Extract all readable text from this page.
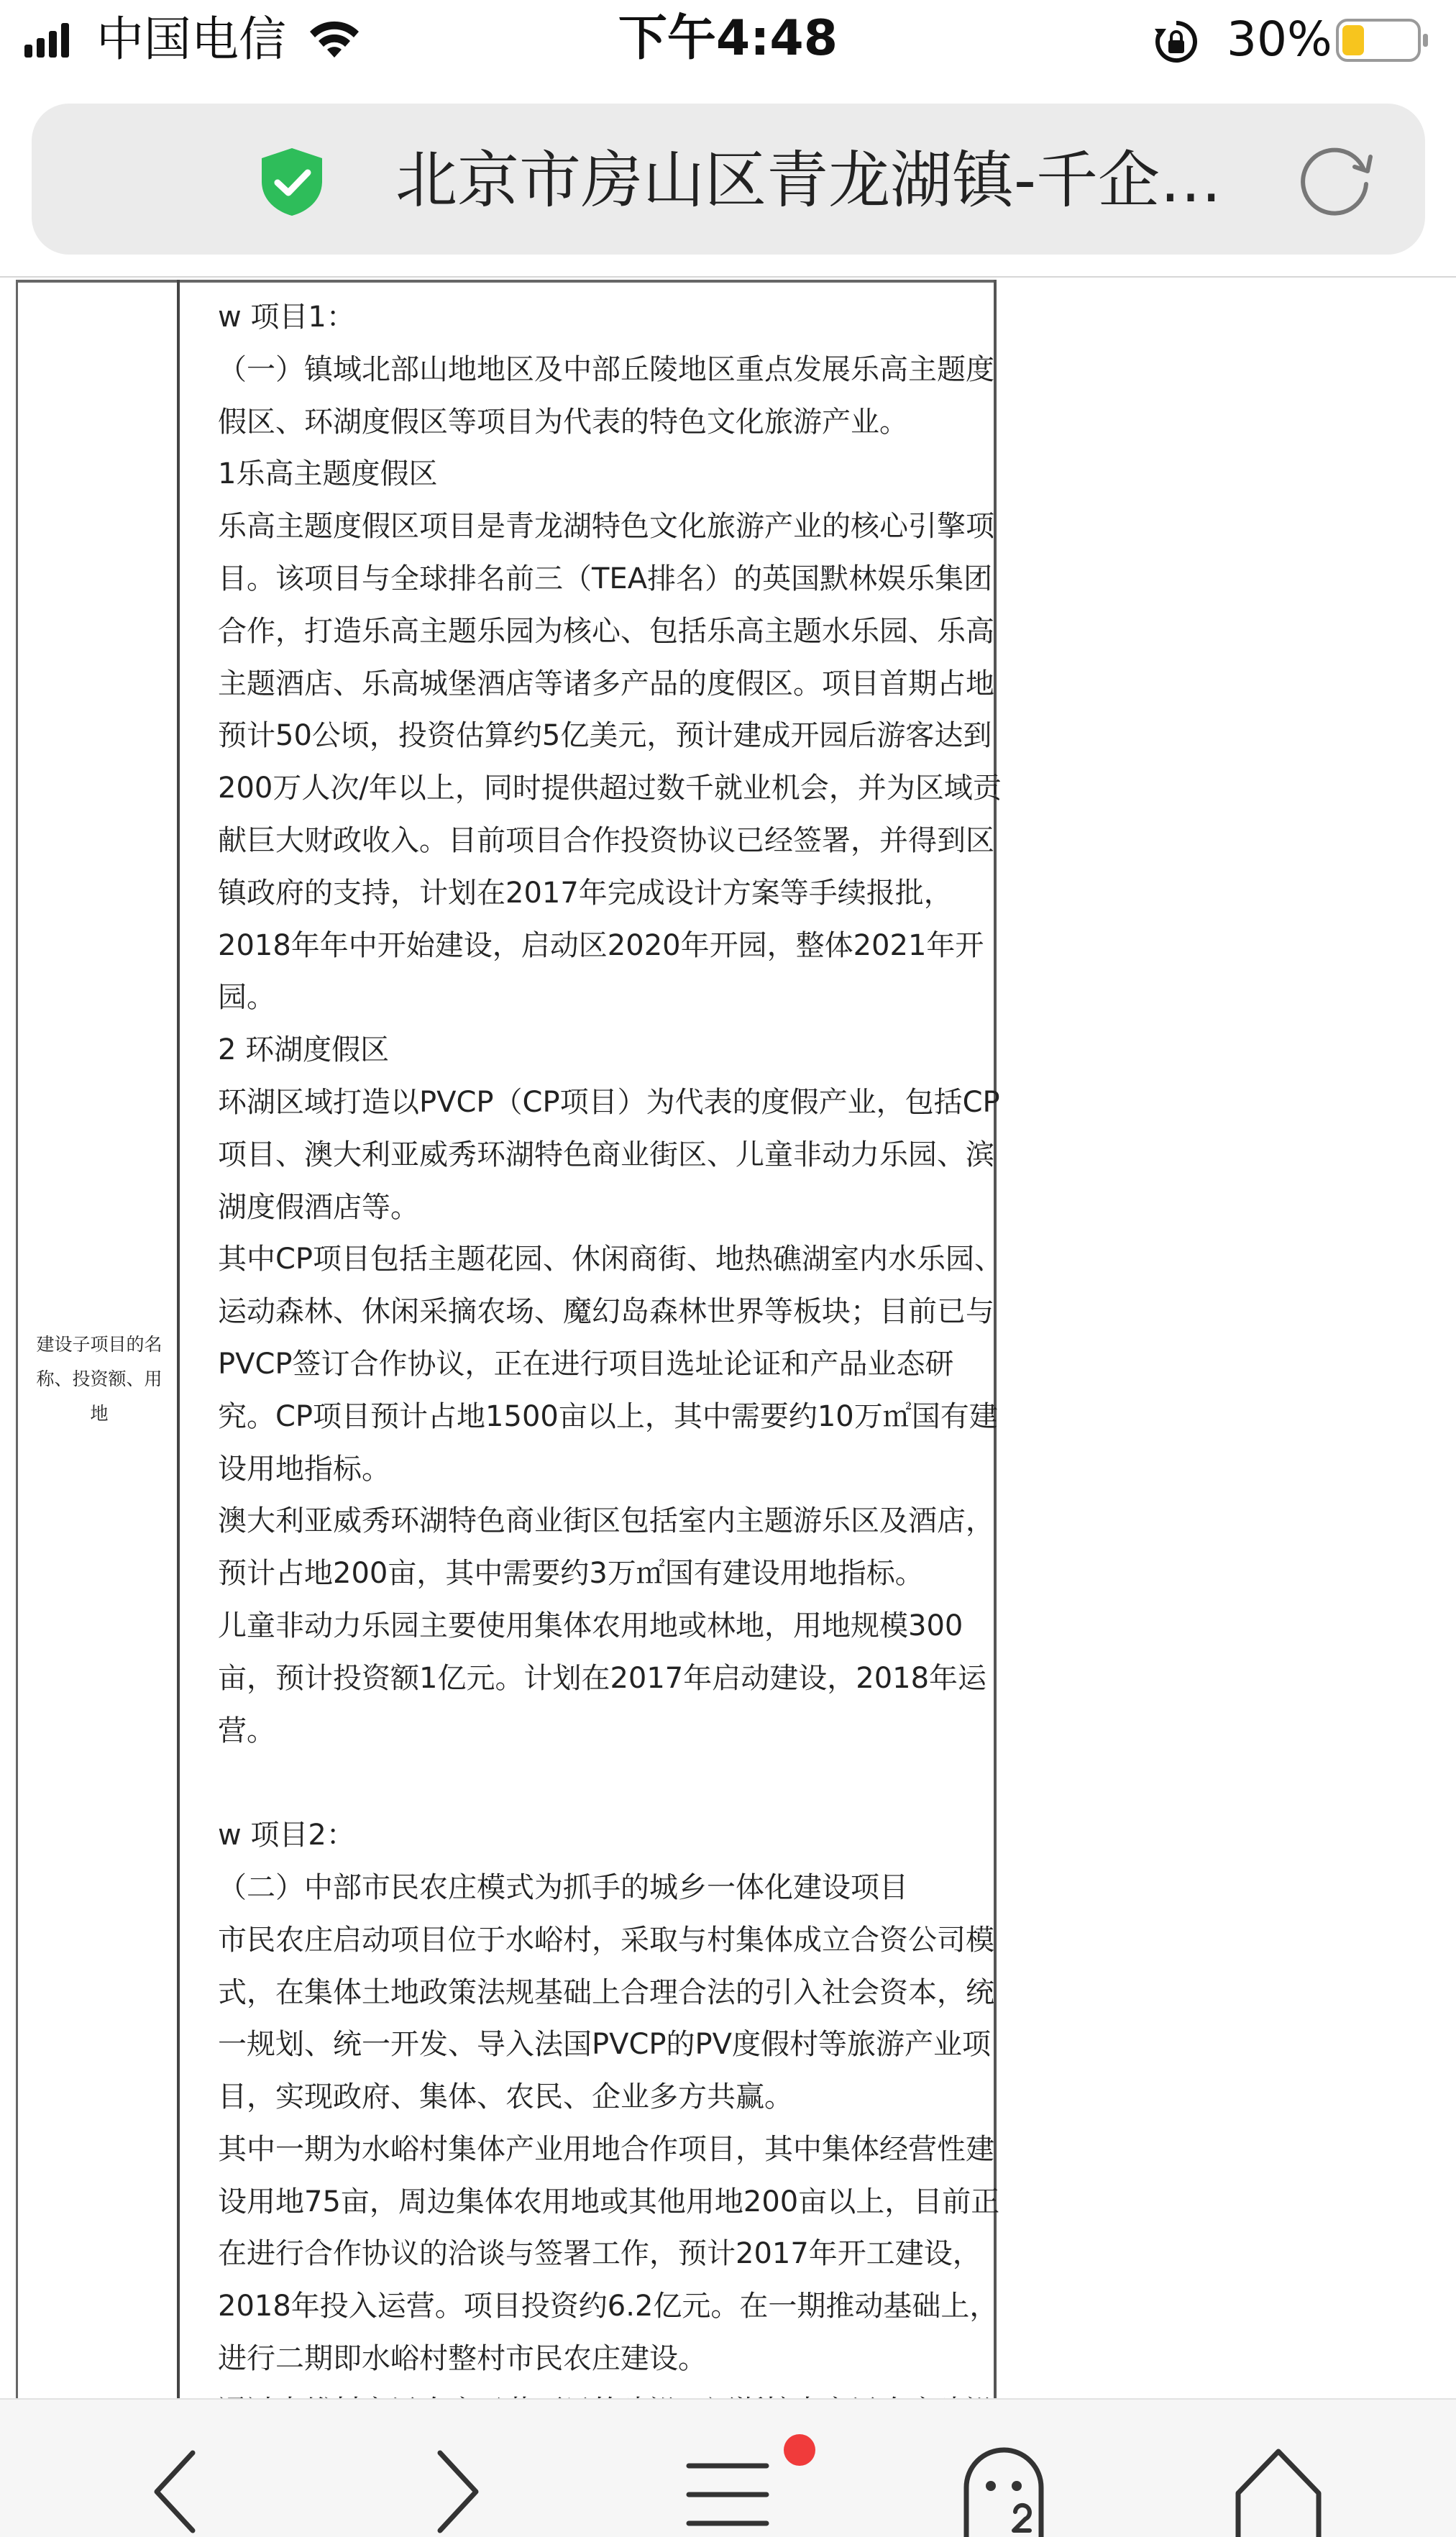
中国电信	下午4:48	30%
北京市房山区青龙湖镇-千企…
建设子项目的名
称、投资额、用
地
w 项目1：
（一）镇域北部山地地区及中部丘陵地区重点发展乐高主题度
假区、环湖度假区等项目为代表的特色文化旅游产业。
1乐高主题度假区
乐高主题度假区项目是青龙湖特色文化旅游产业的核心引擎项
目。该项目与全球排名前三（TEA排名）的英国默林娱乐集团
合作，打造乐高主题乐园为核心、包括乐高主题水乐园、乐高
主题酒店、乐高城堡酒店等诸多产品的度假区。项目首期占地
预计50公顷，投资估算约5亿美元，预计建成开园后游客达到
200万人次/年以上，同时提供超过数千就业机会，并为区域贡
献巨大财政收入。目前项目合作投资协议已经签署，并得到区
镇政府的支持，计划在2017年完成设计方案等手续报批，
2018年年中开始建设，启动区2020年开园，整体2021年开
园。
2 环湖度假区
环湖区域打造以PVCP（CP项目）为代表的度假产业，包括CP
项目、澳大利亚威秀环湖特色商业街区、儿童非动力乐园、滨
湖度假酒店等。
其中CP项目包括主题花园、休闲商街、地热礁湖室内水乐园、
运动森林、休闲采摘农场、魔幻岛森林世界等板块；目前已与
PVCP签订合作协议，正在进行项目选址论证和产品业态研
究。CP项目预计占地1500亩以上，其中需要约10万㎡国有建
设用地指标。
澳大利亚威秀环湖特色商业街区包括室内主题游乐区及酒店，
预计占地200亩，其中需要约3万㎡国有建设用地指标。
儿童非动力乐园主要使用集体农用地或林地，用地规模300
亩，预计投资额1亿元。计划在2017年启动建设，2018年运
营。
w 项目2：
（二）中部市民农庄模式为抓手的城乡一体化建设项目
市民农庄启动项目位于水峪村，采取与村集体成立合资公司模
式，在集体土地政策法规基础上合理合法的引入社会资本，统
一规划、统一开发、导入法国PVCP的PV度假村等旅游产业项
目，实现政府、集体、农民、企业多方共赢。
其中一期为水峪村集体产业用地合作项目，其中集体经营性建
设用地75亩，周边集体农用地或其他用地200亩以上，目前正
在进行合作协议的洽谈与签署工作，预计2017年开工建设，
2018年投入运营。项目投资约6.2亿元。在一期推动基础上，
进行二期即水峪村整村市民农庄建设。
